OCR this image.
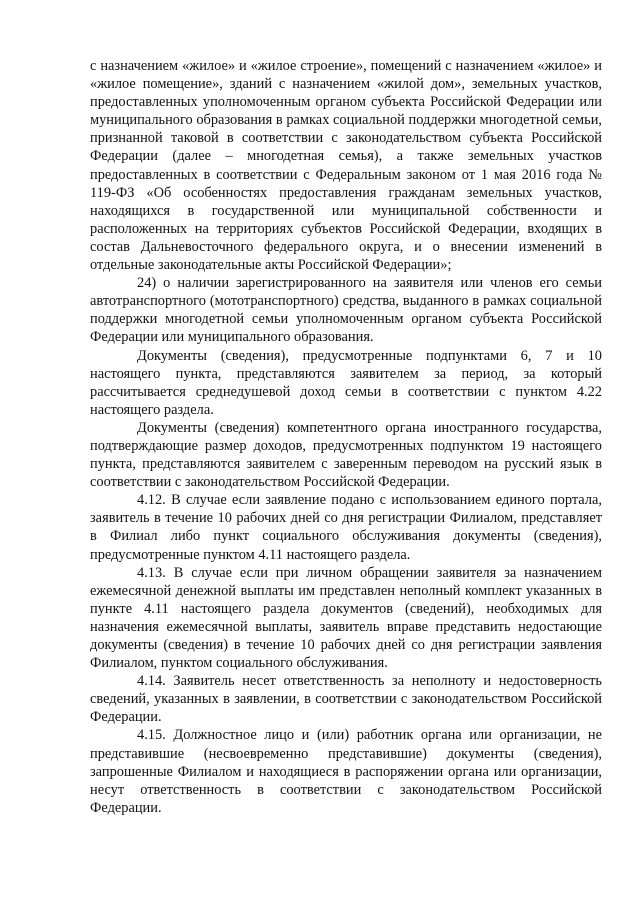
с назначением «жилое» и «жилое строение», помещений с назначением «жилое» и «жилое помещение», зданий с назначением «жилой дом», земельных участков, предоставленных уполномоченным органом субъекта Российской Федерации или муниципального образования в рамках социальной поддержки многодетной семьи, признанной таковой в соответствии с законодательством субъекта Российской Федерации (далее – многодетная семья), а также земельных участков предоставленных в соответствии с Федеральным законом от 1 мая 2016 года № 119-ФЗ «Об особенностях предоставления гражданам земельных участков, находящихся в государственной или муниципальной собственности и расположенных на территориях субъектов Российской Федерации, входящих в состав Дальневосточного федерального округа, и о внесении изменений в отдельные законодательные акты Российской Федерации»;

24) о наличии зарегистрированного на заявителя или членов его семьи автотранспортного (мототранспортного) средства, выданного в рамках социальной поддержки многодетной семьи уполномоченным органом субъекта Российской Федерации или муниципального образования.

Документы (сведения), предусмотренные подпунктами 6, 7 и 10 настоящего пункта, представляются заявителем за период, за который рассчитывается среднедушевой доход семьи в соответствии с пунктом 4.22 настоящего раздела.

Документы (сведения) компетентного органа иностранного государства, подтверждающие размер доходов, предусмотренных подпунктом 19 настоящего пункта, представляются заявителем с заверенным переводом на русский язык в соответствии с законодательством Российской Федерации.

4.12. В случае если заявление подано с использованием единого портала, заявитель в течение 10 рабочих дней со дня регистрации Филиалом, представляет в Филиал либо пункт социального обслуживания документы (сведения), предусмотренные пунктом 4.11 настоящего раздела.

4.13. В случае если при личном обращении заявителя за назначением ежемесячной денежной выплаты им представлен неполный комплект указанных в пункте 4.11 настоящего раздела документов (сведений), необходимых для назначения ежемесячной выплаты, заявитель вправе представить недостающие документы (сведения) в течение 10 рабочих дней со дня регистрации заявления Филиалом, пунктом социального обслуживания.

4.14. Заявитель несет ответственность за неполноту и недостоверность сведений, указанных в заявлении, в соответствии с законодательством Российской Федерации.

4.15. Должностное лицо и (или) работник органа или организации, не представившие (несвоевременно представившие) документы (сведения), запрошенные Филиалом и находящиеся в распоряжении органа или организации, несут ответственность в соответствии с законодательством Российской Федерации.
